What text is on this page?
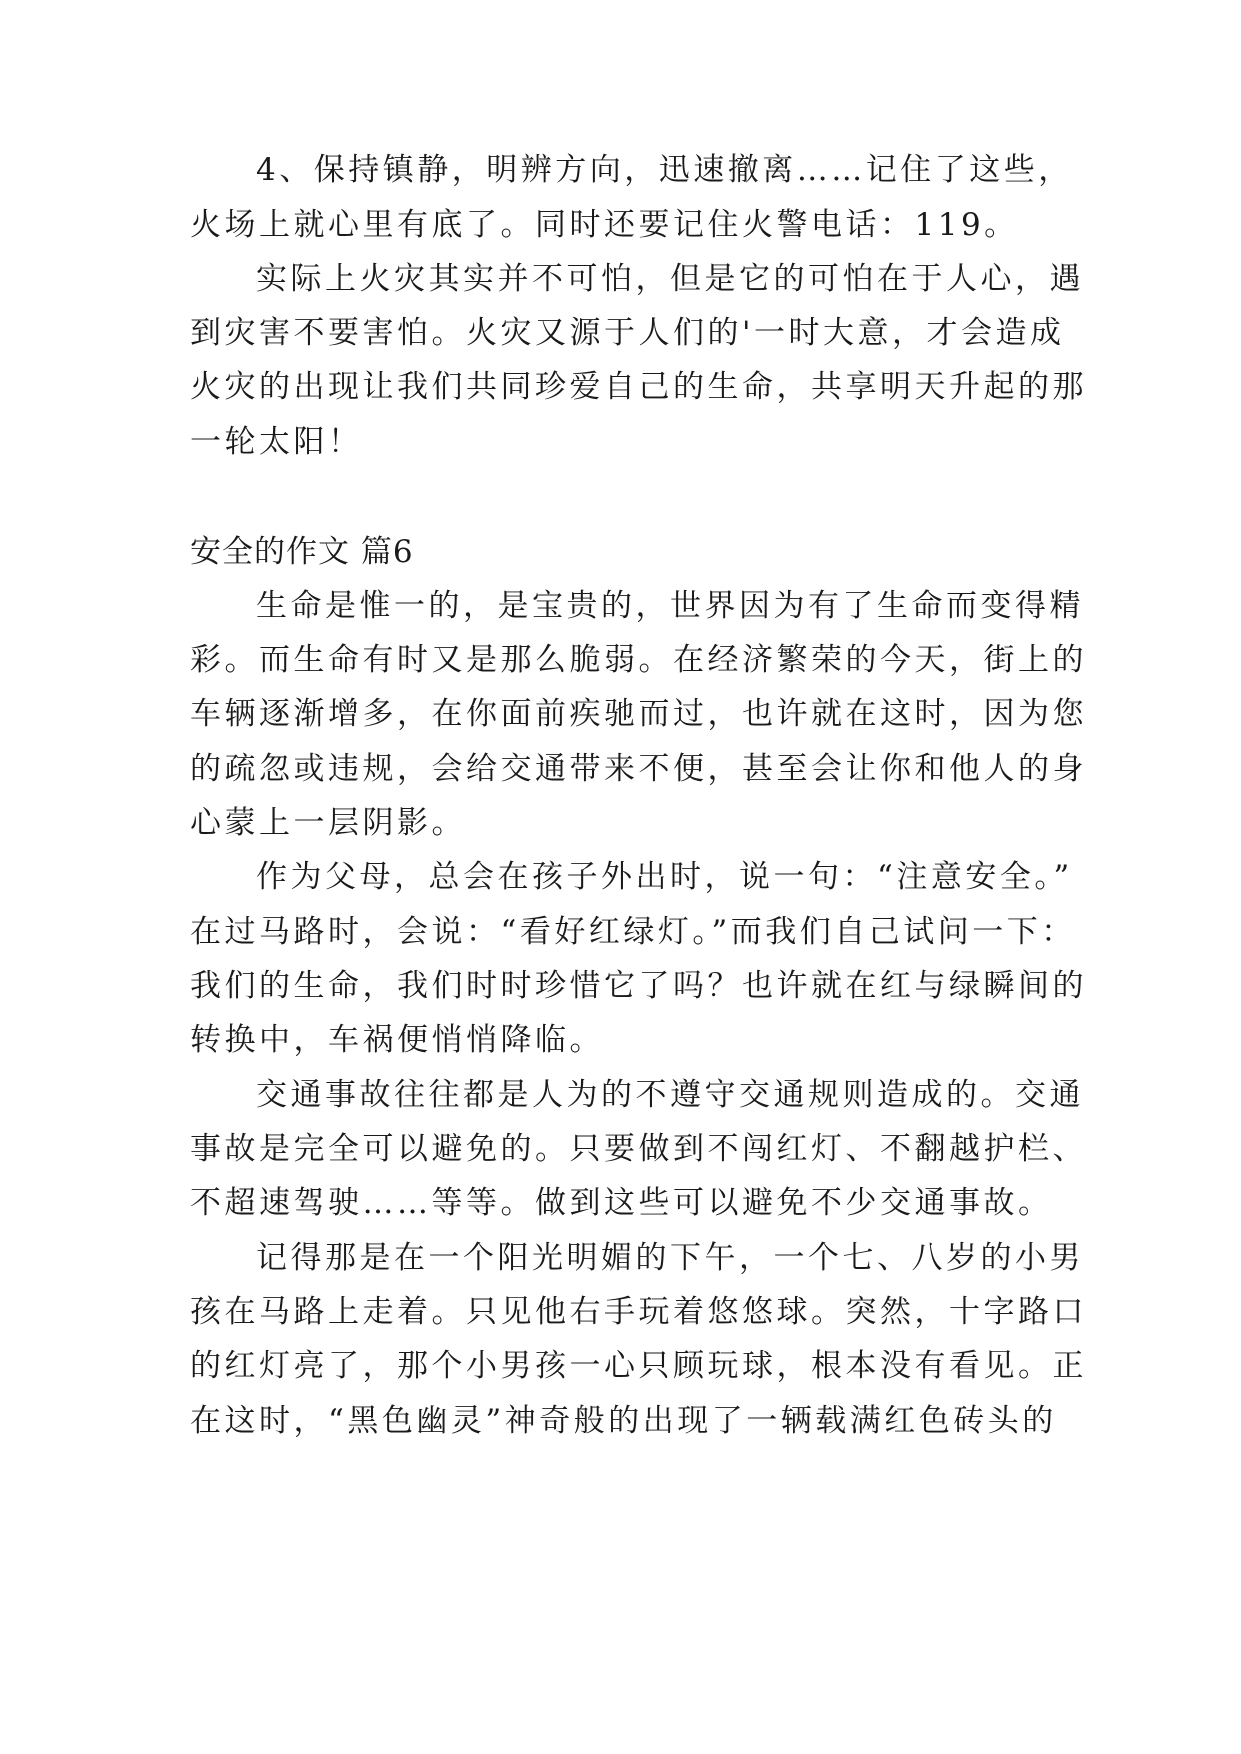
4、保持镇静，明辨方向，迅速撤离……记住了这些，
火场上就心里有底了。同时还要记住火警电话：119。
实际上火灾其实并不可怕，但是它的可怕在于人心，遇
到灾害不要害怕。火灾又源于人们的'一时大意，才会造成
火灾的出现让我们共同珍爱自己的生命，共享明天升起的那
一轮太阳！
安全的作文 篇6
生命是惟一的，是宝贵的，世界因为有了生命而变得精
彩。而生命有时又是那么脆弱。在经济繁荣的今天，街上的
车辆逐渐增多，在你面前疾驰而过，也许就在这时，因为您
的疏忽或违规，会给交通带来不便，甚至会让你和他人的身
心蒙上一层阴影。
作为父母，总会在孩子外出时，说一句：“注意安全。”
在过马路时，会说：“看好红绿灯。”而我们自己试问一下：
我们的生命，我们时时珍惜它了吗？也许就在红与绿瞬间的
转换中，车祸便悄悄降临。
交通事故往往都是人为的不遵守交通规则造成的。交通
事故是完全可以避免的。只要做到不闯红灯、不翻越护栏、
不超速驾驶……等等。做到这些可以避免不少交通事故。
记得那是在一个阳光明媚的下午，一个七、八岁的小男
孩在马路上走着。只见他右手玩着悠悠球。突然，十字路口
的红灯亮了，那个小男孩一心只顾玩球，根本没有看见。正
在这时，“黑色幽灵”神奇般的出现了一辆载满红色砖头的
